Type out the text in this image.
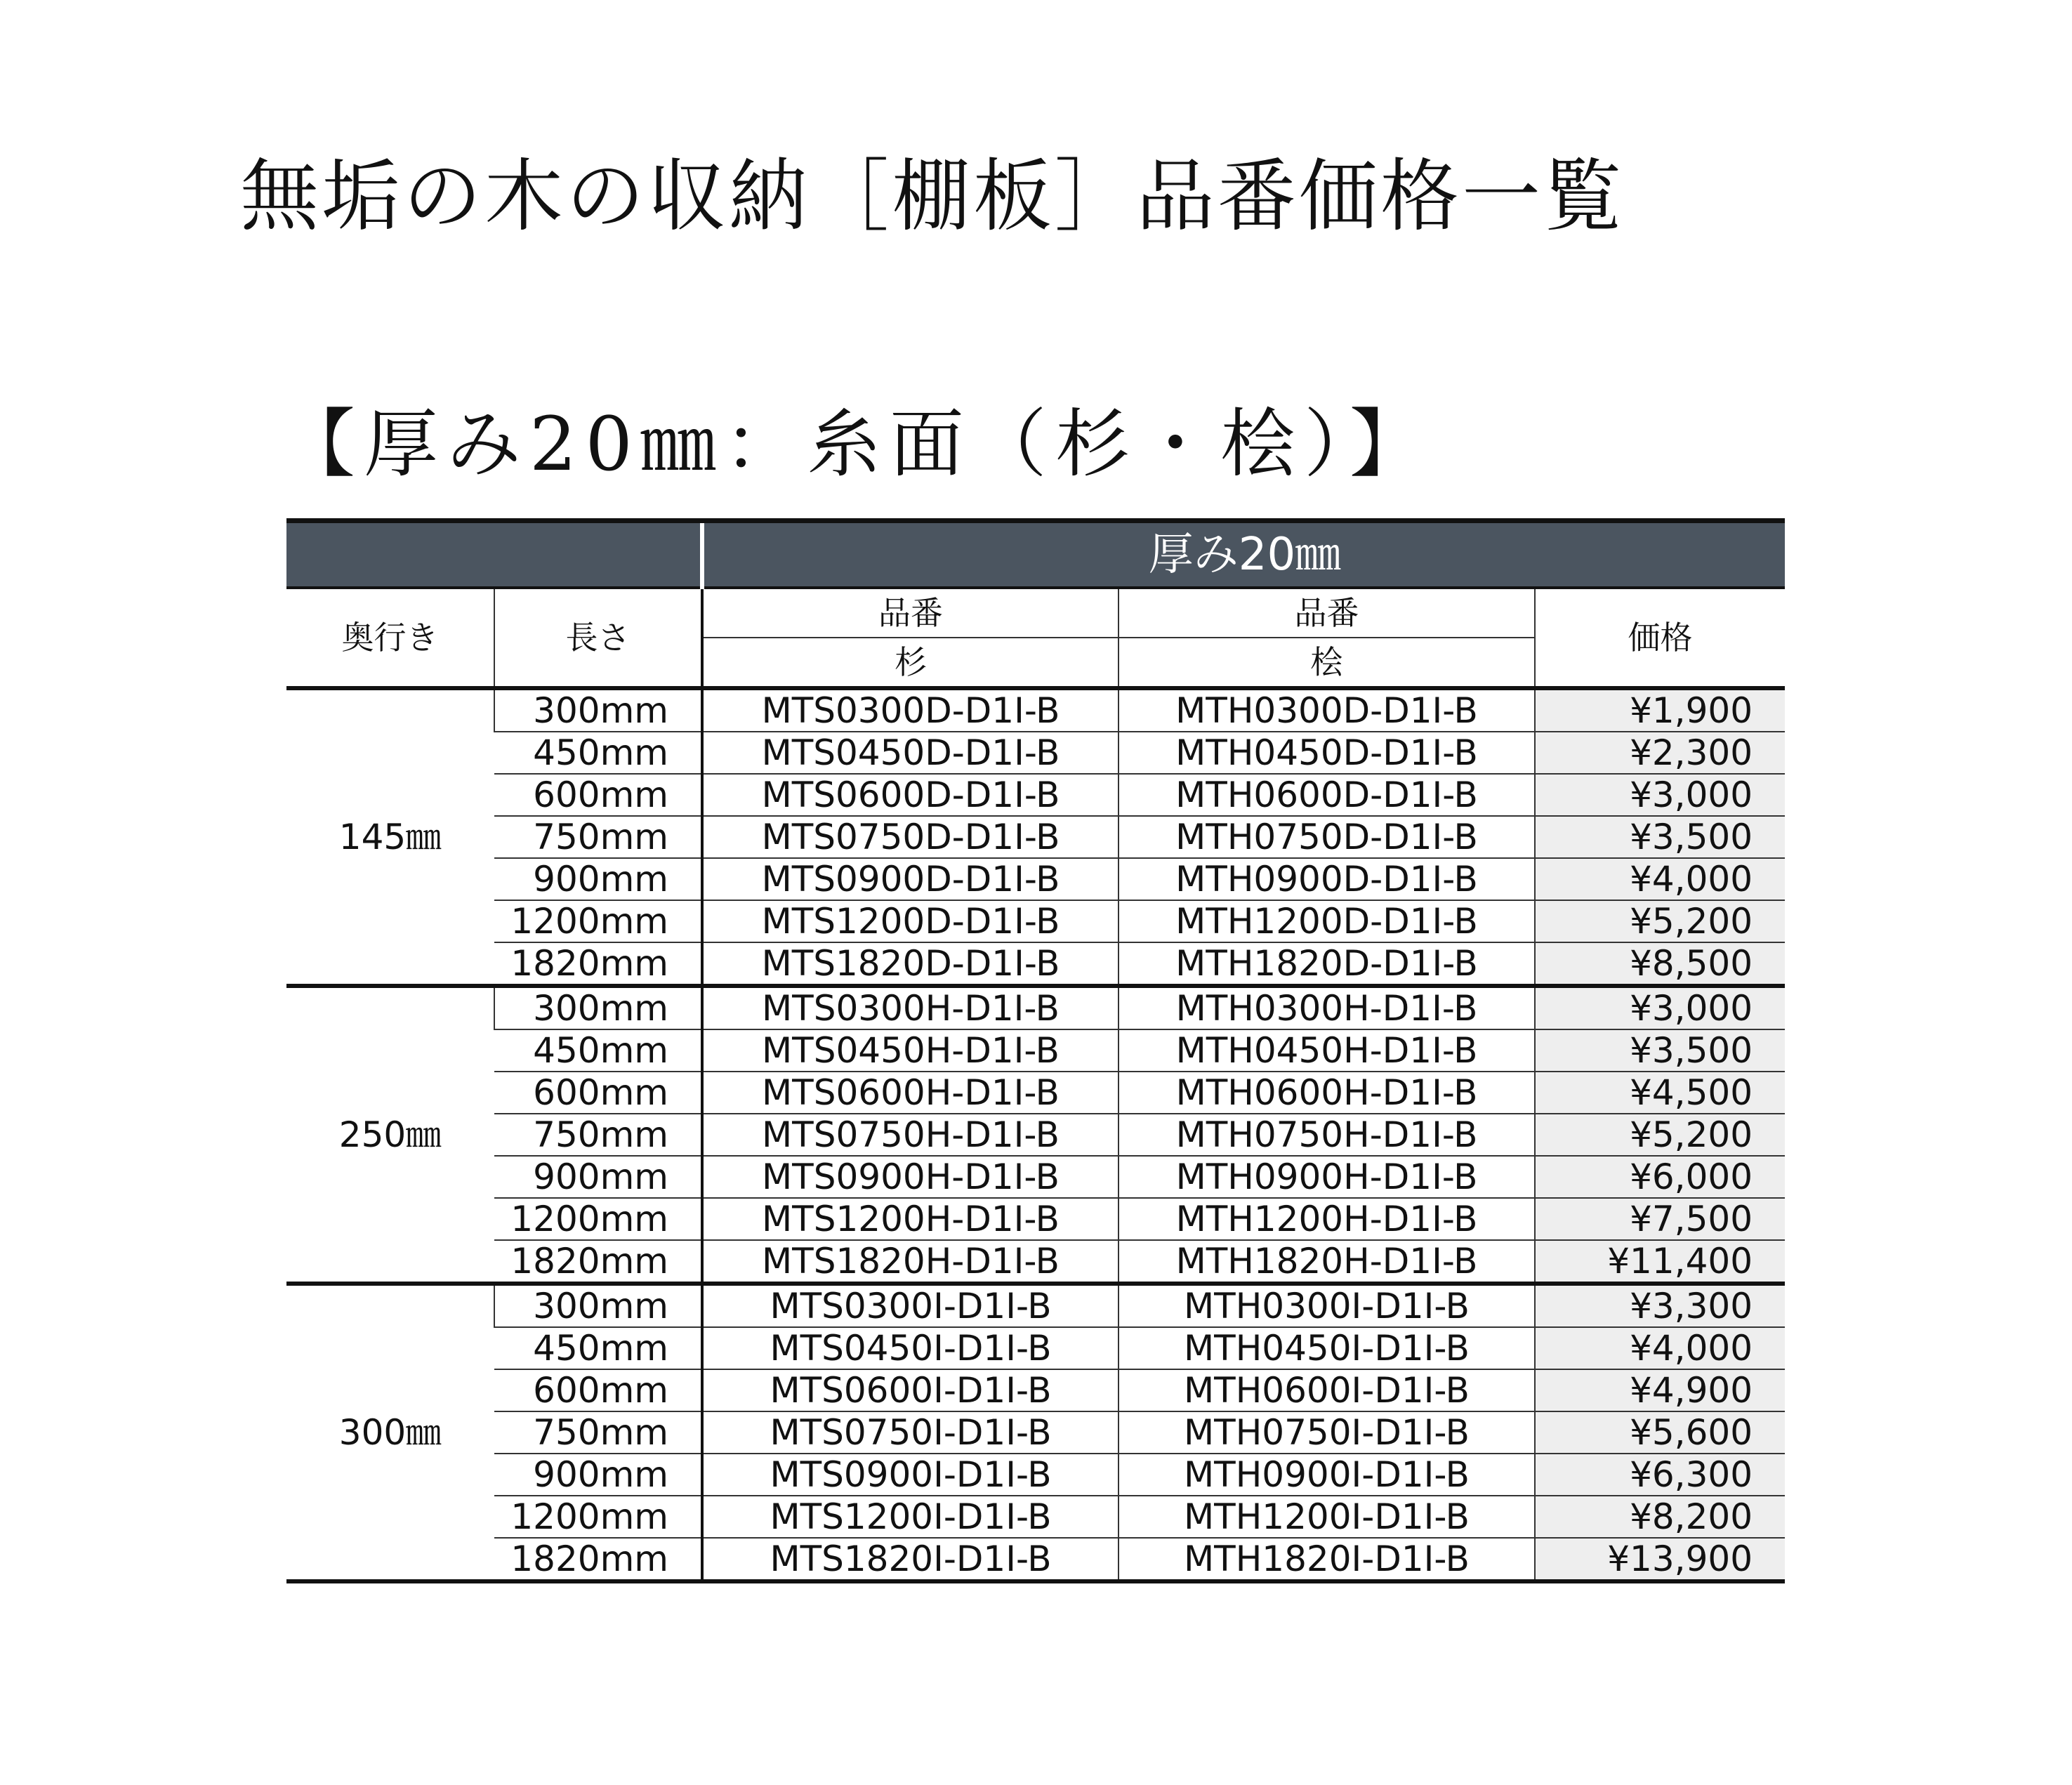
無垢の木の収納［棚板］品番価格一覧
【厚み20㎜：糸面（杉・桧）】
		厚み20㎜		
奥行き	長さ	品番	品番	価格
		杉	桧	
145㎜	300mm	MTS0300D-D1I-B	MTH0300D-D1I-B	¥1,900
	450mm	MTS0450D-D1I-B	MTH0450D-D1I-B	¥2,300
	600mm	MTS0600D-D1I-B	MTH0600D-D1I-B	¥3,000
	750mm	MTS0750D-D1I-B	MTH0750D-D1I-B	¥3,500
	900mm	MTS0900D-D1I-B	MTH0900D-D1I-B	¥4,000
	1200mm	MTS1200D-D1I-B	MTH1200D-D1I-B	¥5,200
	1820mm	MTS1820D-D1I-B	MTH1820D-D1I-B	¥8,500
250㎜	300mm	MTS0300H-D1I-B	MTH0300H-D1I-B	¥3,000
	450mm	MTS0450H-D1I-B	MTH0450H-D1I-B	¥3,500
	600mm	MTS0600H-D1I-B	MTH0600H-D1I-B	¥4,500
	750mm	MTS0750H-D1I-B	MTH0750H-D1I-B	¥5,200
	900mm	MTS0900H-D1I-B	MTH0900H-D1I-B	¥6,000
	1200mm	MTS1200H-D1I-B	MTH1200H-D1I-B	¥7,500
	1820mm	MTS1820H-D1I-B	MTH1820H-D1I-B	¥11,400
300㎜	300mm	MTS0300I-D1I-B	MTH0300I-D1I-B	¥3,300
	450mm	MTS0450I-D1I-B	MTH0450I-D1I-B	¥4,000
	600mm	MTS0600I-D1I-B	MTH0600I-D1I-B	¥4,900
	750mm	MTS0750I-D1I-B	MTH0750I-D1I-B	¥5,600
	900mm	MTS0900I-D1I-B	MTH0900I-D1I-B	¥6,300
	1200mm	MTS1200I-D1I-B	MTH1200I-D1I-B	¥8,200
	1820mm	MTS1820I-D1I-B	MTH1820I-D1I-B	¥13,900
